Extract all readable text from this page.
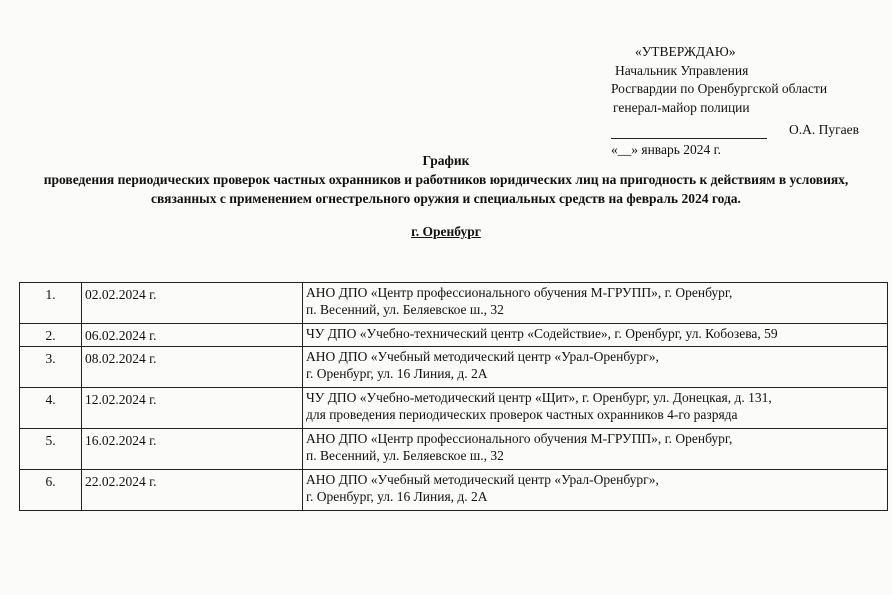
«УТВЕРЖДАЮ»
Начальник Управления
Росгвардии по Оренбургской области
генерал-майор полиции
О.А. Пугаев
«__» январь 2024 г.
График
проведения периодических проверок частных охранников и работников юридических лиц на пригодность к действиям в условиях, связанных с применением огнестрельного оружия и специальных средств на февраль 2024 года.
г. Оренбург
1.	02.02.2024 г.	АНО ДПО «Центр профессионального обучения М-ГРУПП», г. Оренбург,
п. Весенний, ул. Беляевское ш., 32
2.	06.02.2024 г.	ЧУ ДПО «Учебно-технический центр «Содействие», г. Оренбург, ул. Кобозева, 59
3.	08.02.2024 г.	АНО ДПО «Учебный методический центр «Урал-Оренбург»,
г. Оренбург, ул. 16 Линия, д. 2А
4.	12.02.2024 г.	ЧУ ДПО «Учебно-методический центр «Щит», г. Оренбург, ул. Донецкая, д. 131,
для проведения периодических проверок частных охранников 4-го разряда
5.	16.02.2024 г.	АНО ДПО «Центр профессионального обучения М-ГРУПП», г. Оренбург,
п. Весенний, ул. Беляевское ш., 32
6.	22.02.2024 г.	АНО ДПО «Учебный методический центр «Урал-Оренбург»,
г. Оренбург, ул. 16 Линия, д. 2А
